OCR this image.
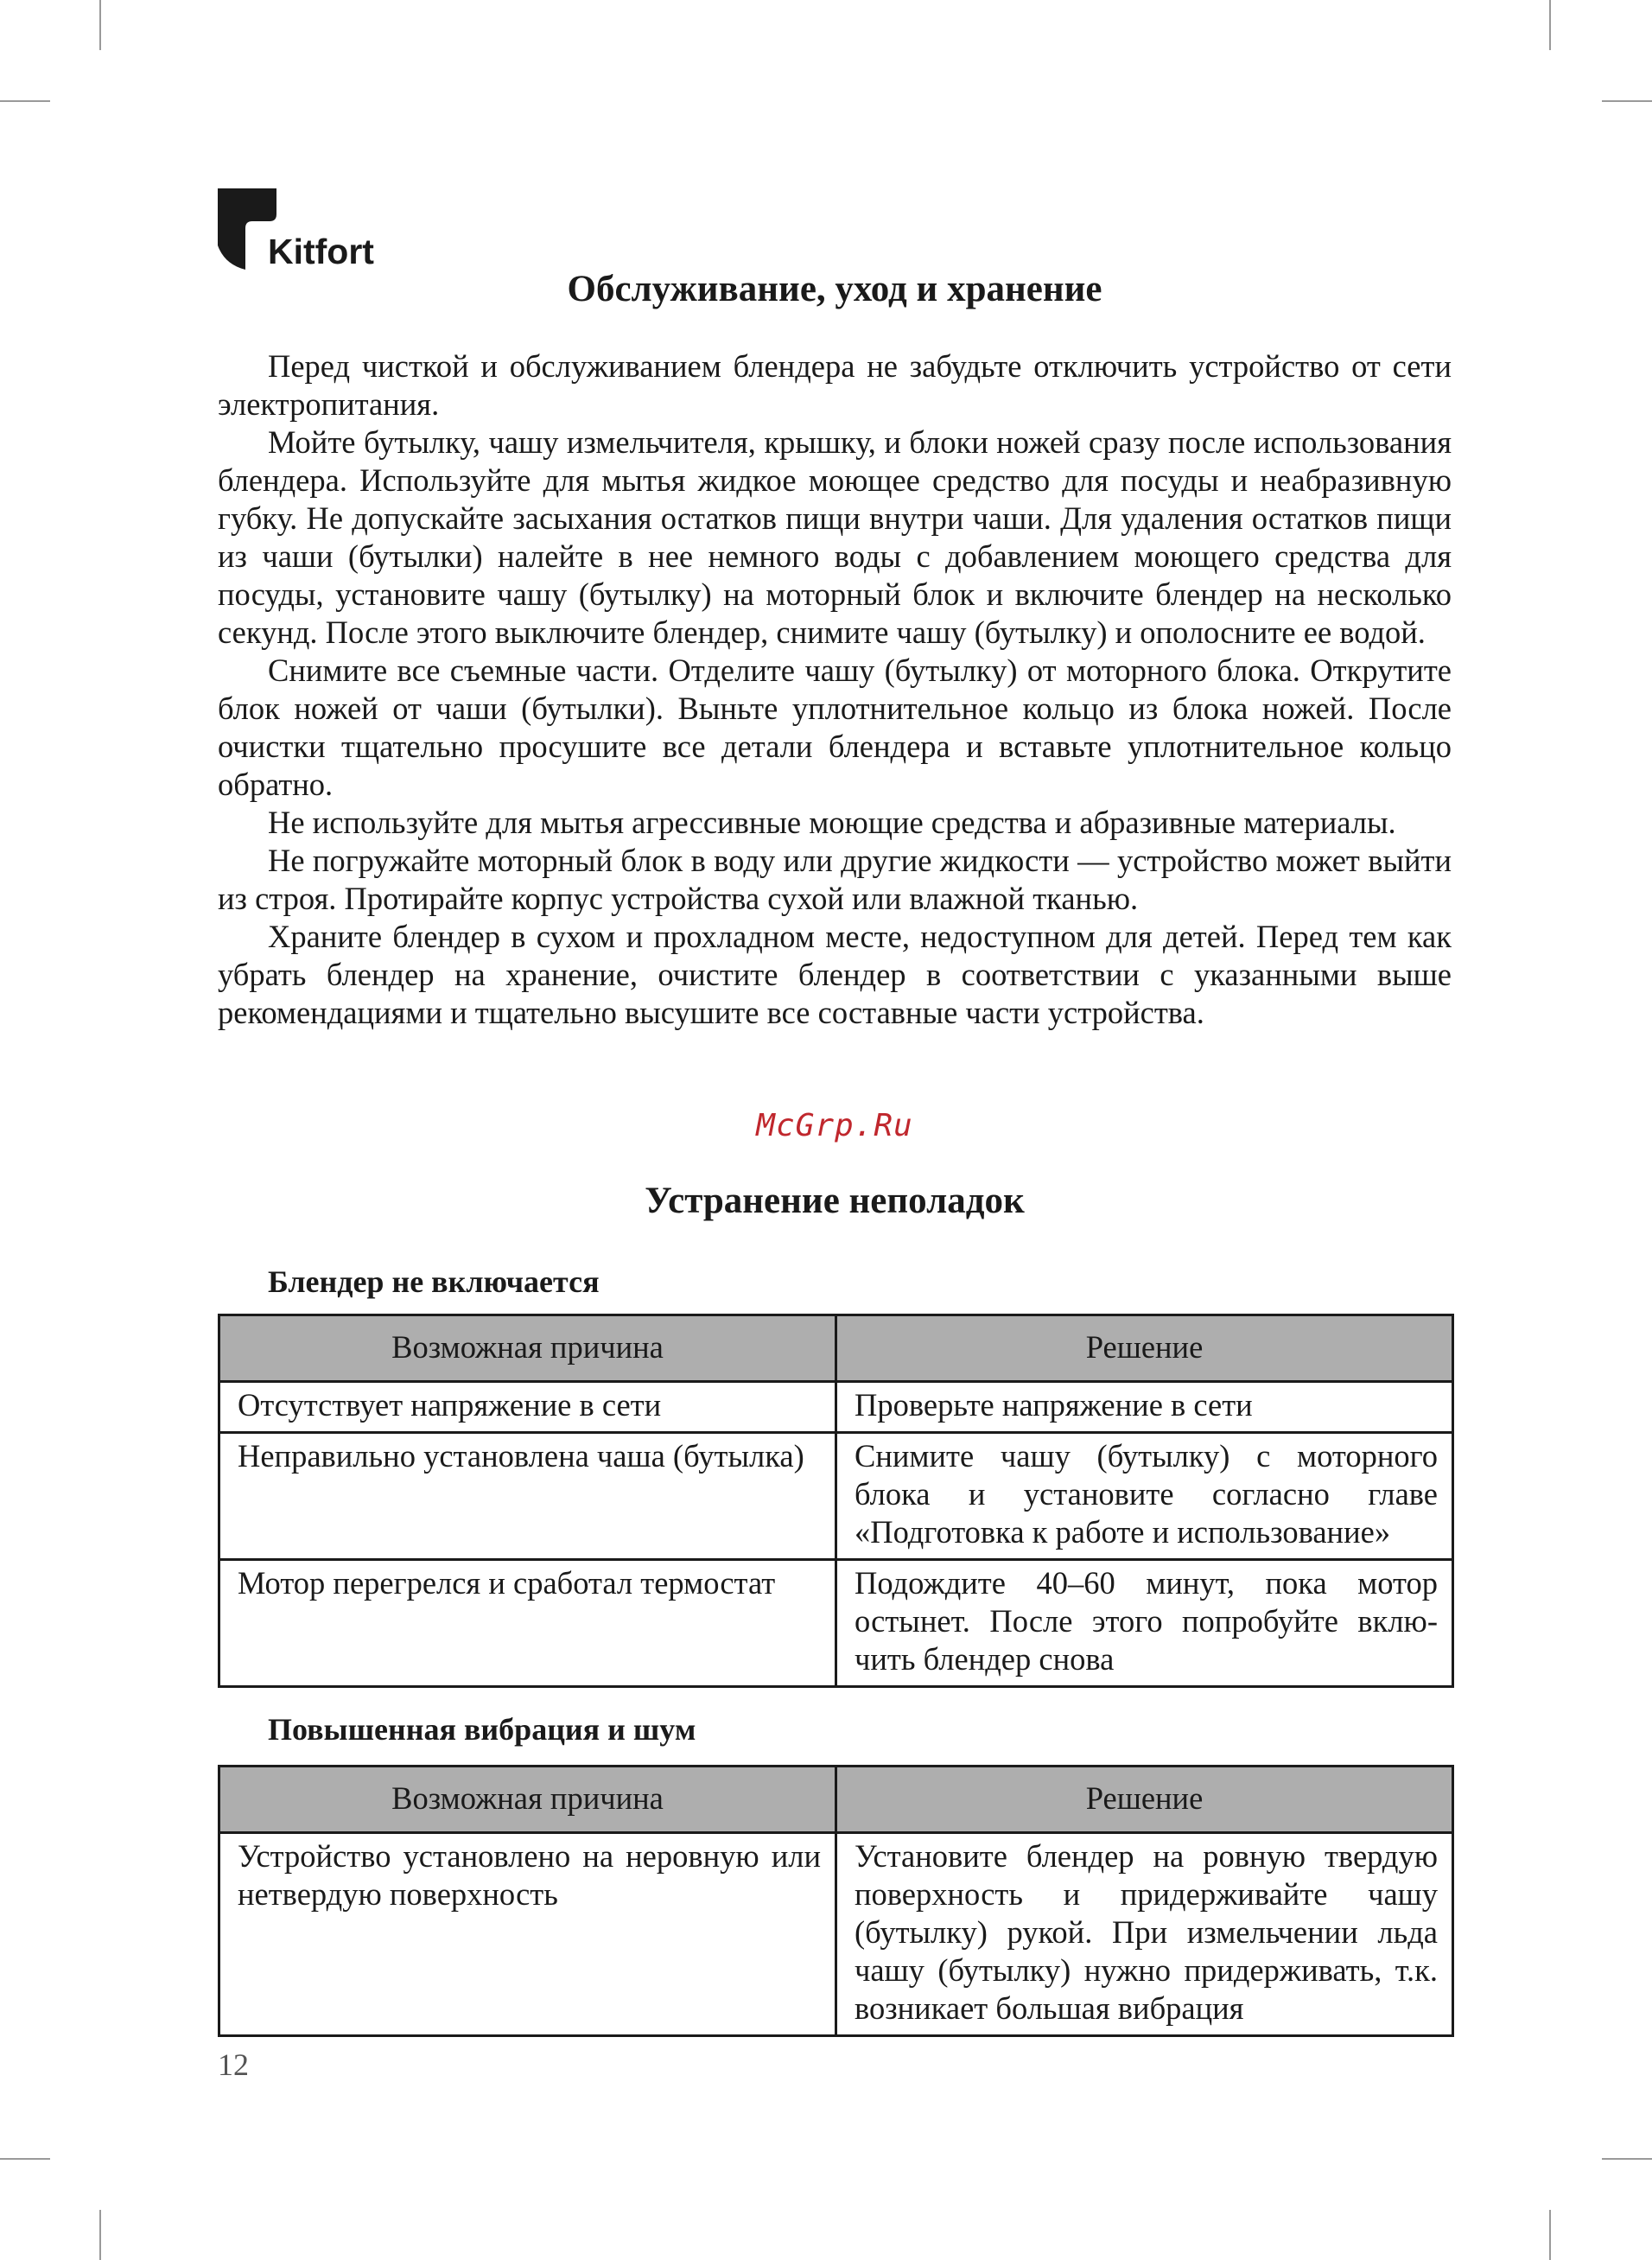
Kitfort
Обслуживание, уход и хранение

Перед чисткой и обслуживанием блендера не забудьте отключить устройство от сети электропитания.

Мойте бутылку, чашу измельчителя, крышку, и блоки ножей сразу после использования блендера. Используйте для мытья жидкое моющее средство для посуды и неабразивную губку. Не допускайте засыхания остатков пищи внутри чаши. Для удаления остатков пищи из чаши (бутылки) налейте в нее немного воды с добавлением моющего средства для посуды, установите чашу (бутылку) на моторный блок и включите блендер на несколько секунд. После этого выключите блендер, снимите чашу (бутылку) и ополосните ее водой.

Снимите все съемные части. Отделите чашу (бутылку) от моторного блока. Открутите блок ножей от чаши (бутылки). Выньте уплотнительное кольцо из блока ножей. После очистки тщательно просушите все детали блендера и вставьте уплотнительное кольцо обратно.

Не используйте для мытья агрессивные моющие средства и абразивные материалы.

Не погружайте моторный блок в воду или другие жидкости — устройство может выйти из строя. Протирайте корпус устройства сухой или влажной тканью.

Храните блендер в сухом и прохладном месте, недоступном для детей. Перед тем как убрать блендер на хранение, очистите блендер в соответствии с указанными выше рекомендациями и тщательно высушите все составные части устройства.

McGrp.Ru
Устранение неполадок
Блендер не включается
Возможная причина	Решение
Отсутствует напряжение в сети	Проверьте напряжение в сети
Неправильно установлена чаша (бутылка)	Снимите чашу (бутылку) с моторного блока и установите согласно главе «Подготовка к работе и использование»
Мотор перегрелся и сработал термостат	Подождите 40–60 минут, пока мотор остынет. После этого попробуйте включить блендер снова
Повышенная вибрация и шум
Возможная причина	Решение
Устройство установлено на неровную или нетвердую поверхность	Установите блендер на ровную твердую поверхность и придерживайте чашу (бутылку) рукой. При измельчении льда чашу (бутылку) нужно придерживать, т.к. возникает большая вибрация
12
